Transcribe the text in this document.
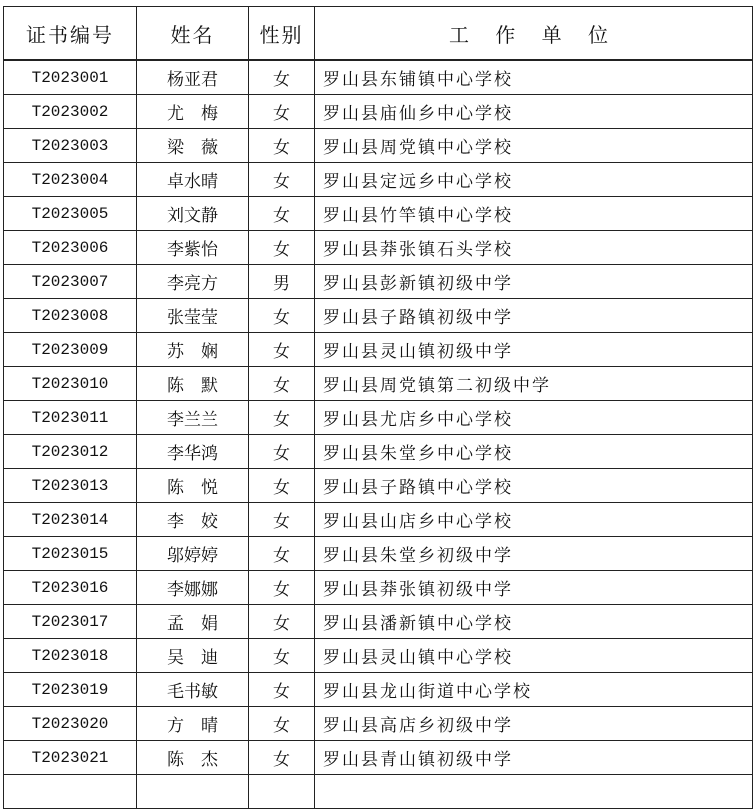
证书编号	姓名	性别	工 作 单 位
T2023001	杨亚君	女	罗山县东铺镇中心学校
T2023002	尤　梅	女	罗山县庙仙乡中心学校
T2023003	梁　薇	女	罗山县周党镇中心学校
T2023004	卓水晴	女	罗山县定远乡中心学校
T2023005	刘文静	女	罗山县竹竿镇中心学校
T2023006	李紫怡	女	罗山县莽张镇石头学校
T2023007	李亮方	男	罗山县彭新镇初级中学
T2023008	张莹莹	女	罗山县子路镇初级中学
T2023009	苏　娴	女	罗山县灵山镇初级中学
T2023010	陈　默	女	罗山县周党镇第二初级中学
T2023011	李兰兰	女	罗山县尤店乡中心学校
T2023012	李华鸿	女	罗山县朱堂乡中心学校
T2023013	陈　悦	女	罗山县子路镇中心学校
T2023014	李　姣	女	罗山县山店乡中心学校
T2023015	邬婷婷	女	罗山县朱堂乡初级中学
T2023016	李娜娜	女	罗山县莽张镇初级中学
T2023017	孟　娟	女	罗山县潘新镇中心学校
T2023018	吴　迪	女	罗山县灵山镇中心学校
T2023019	毛书敏	女	罗山县龙山街道中心学校
T2023020	方　晴	女	罗山县高店乡初级中学
T2023021	陈　杰	女	罗山县青山镇初级中学
